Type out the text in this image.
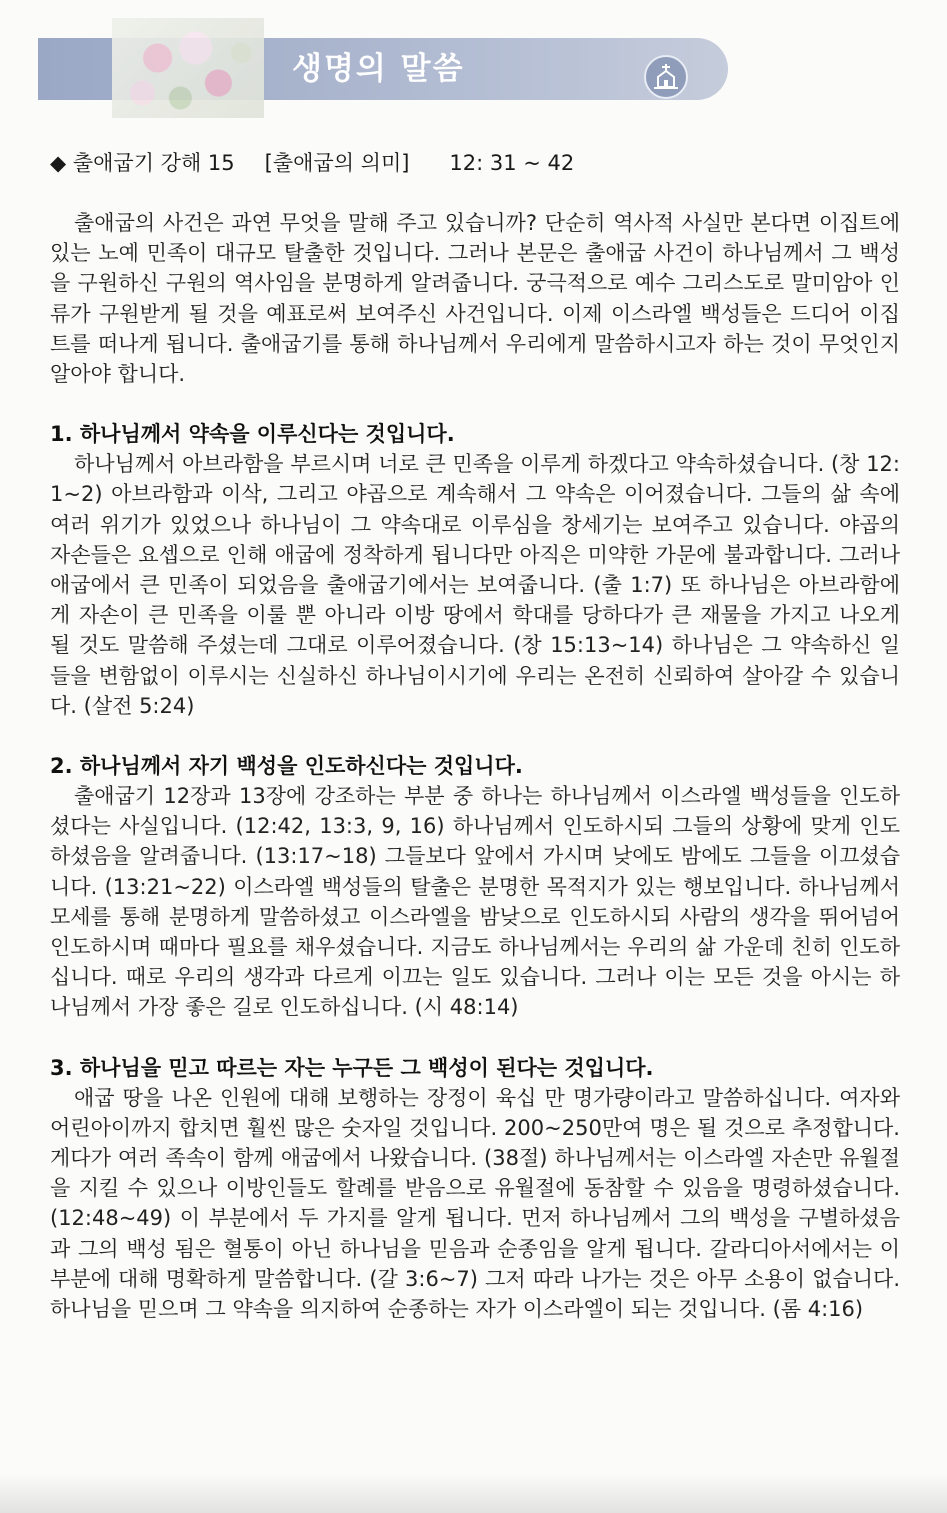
생명의 말씀

◆ 출애굽기 강해 15 [출애굽의 의미] 12: 31 ~ 42

출애굽의 사건은 과연 무엇을 말해 주고 있습니까? 단순히 역사적 사실만 본다면 이집트에 있는 노예 민족이 대규모 탈출한 것입니다. 그러나 본문은 출애굽 사건이 하나님께서 그 백성을 구원하신 구원의 역사임을 분명하게 알려줍니다. 궁극적으로 예수 그리스도로 말미암아 인류가 구원받게 될 것을 예표로써 보여주신 사건입니다. 이제 이스라엘 백성들은 드디어 이집트를 떠나게 됩니다. 출애굽기를 통해 하나님께서 우리에게 말씀하시고자 하는 것이 무엇인지 알아야 합니다.

1. 하나님께서 약속을 이루신다는 것입니다.

하나님께서 아브라함을 부르시며 너로 큰 민족을 이루게 하겠다고 약속하셨습니다. (창 12: 1~2) 아브라함과 이삭, 그리고 야곱으로 계속해서 그 약속은 이어졌습니다. 그들의 삶 속에 여러 위기가 있었으나 하나님이 그 약속대로 이루심을 창세기는 보여주고 있습니다. 야곱의 자손들은 요셉으로 인해 애굽에 정착하게 됩니다만 아직은 미약한 가문에 불과합니다. 그러나 애굽에서 큰 민족이 되었음을 출애굽기에서는 보여줍니다. (출 1:7) 또 하나님은 아브라함에게 자손이 큰 민족을 이룰 뿐 아니라 이방 땅에서 학대를 당하다가 큰 재물을 가지고 나오게 될 것도 말씀해 주셨는데 그대로 이루어졌습니다. (창 15:13~14) 하나님은 그 약속하신 일들을 변함없이 이루시는 신실하신 하나님이시기에 우리는 온전히 신뢰하여 살아갈 수 있습니다. (살전 5:24)

2. 하나님께서 자기 백성을 인도하신다는 것입니다.

출애굽기 12장과 13장에 강조하는 부분 중 하나는 하나님께서 이스라엘 백성들을 인도하셨다는 사실입니다. (12:42, 13:3, 9, 16) 하나님께서 인도하시되 그들의 상황에 맞게 인도하셨음을 알려줍니다. (13:17~18) 그들보다 앞에서 가시며 낮에도 밤에도 그들을 이끄셨습니다. (13:21~22) 이스라엘 백성들의 탈출은 분명한 목적지가 있는 행보입니다. 하나님께서 모세를 통해 분명하게 말씀하셨고 이스라엘을 밤낮으로 인도하시되 사람의 생각을 뛰어넘어 인도하시며 때마다 필요를 채우셨습니다. 지금도 하나님께서는 우리의 삶 가운데 친히 인도하십니다. 때로 우리의 생각과 다르게 이끄는 일도 있습니다. 그러나 이는 모든 것을 아시는 하나님께서 가장 좋은 길로 인도하십니다. (시 48:14)

3. 하나님을 믿고 따르는 자는 누구든 그 백성이 된다는 것입니다.

애굽 땅을 나온 인원에 대해 보행하는 장정이 육십 만 명가량이라고 말씀하십니다. 여자와 어린아이까지 합치면 훨씬 많은 숫자일 것입니다. 200~250만여 명은 될 것으로 추정합니다. 게다가 여러 족속이 함께 애굽에서 나왔습니다. (38절) 하나님께서는 이스라엘 자손만 유월절을 지킬 수 있으나 이방인들도 할례를 받음으로 유월절에 동참할 수 있음을 명령하셨습니다. (12:48~49) 이 부분에서 두 가지를 알게 됩니다. 먼저 하나님께서 그의 백성을 구별하셨음과 그의 백성 됨은 혈통이 아닌 하나님을 믿음과 순종임을 알게 됩니다. 갈라디아서에서는 이 부분에 대해 명확하게 말씀합니다. (갈 3:6~7) 그저 따라 나가는 것은 아무 소용이 없습니다. 하나님을 믿으며 그 약속을 의지하여 순종하는 자가 이스라엘이 되는 것입니다. (롬 4:16)
